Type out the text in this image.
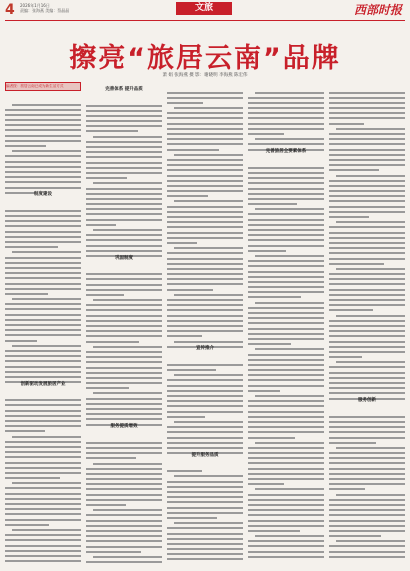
4 2026年1月16日
责编：张海燕 美编：蔡晶晶	文旅	西部时报
擦亮“旅居云南”品牌
萧 娟 张海燕 摄 影：谢晓明 李海燕 陈宏伟
编者按：旅居云南已成为新生活方式
制度建设
创新驱动发展旅居产业
完善体系 提升品质
巩固制度
服务提质增效
宣传推介
提升服务品质
完善旅居全要素体系
服务创新
